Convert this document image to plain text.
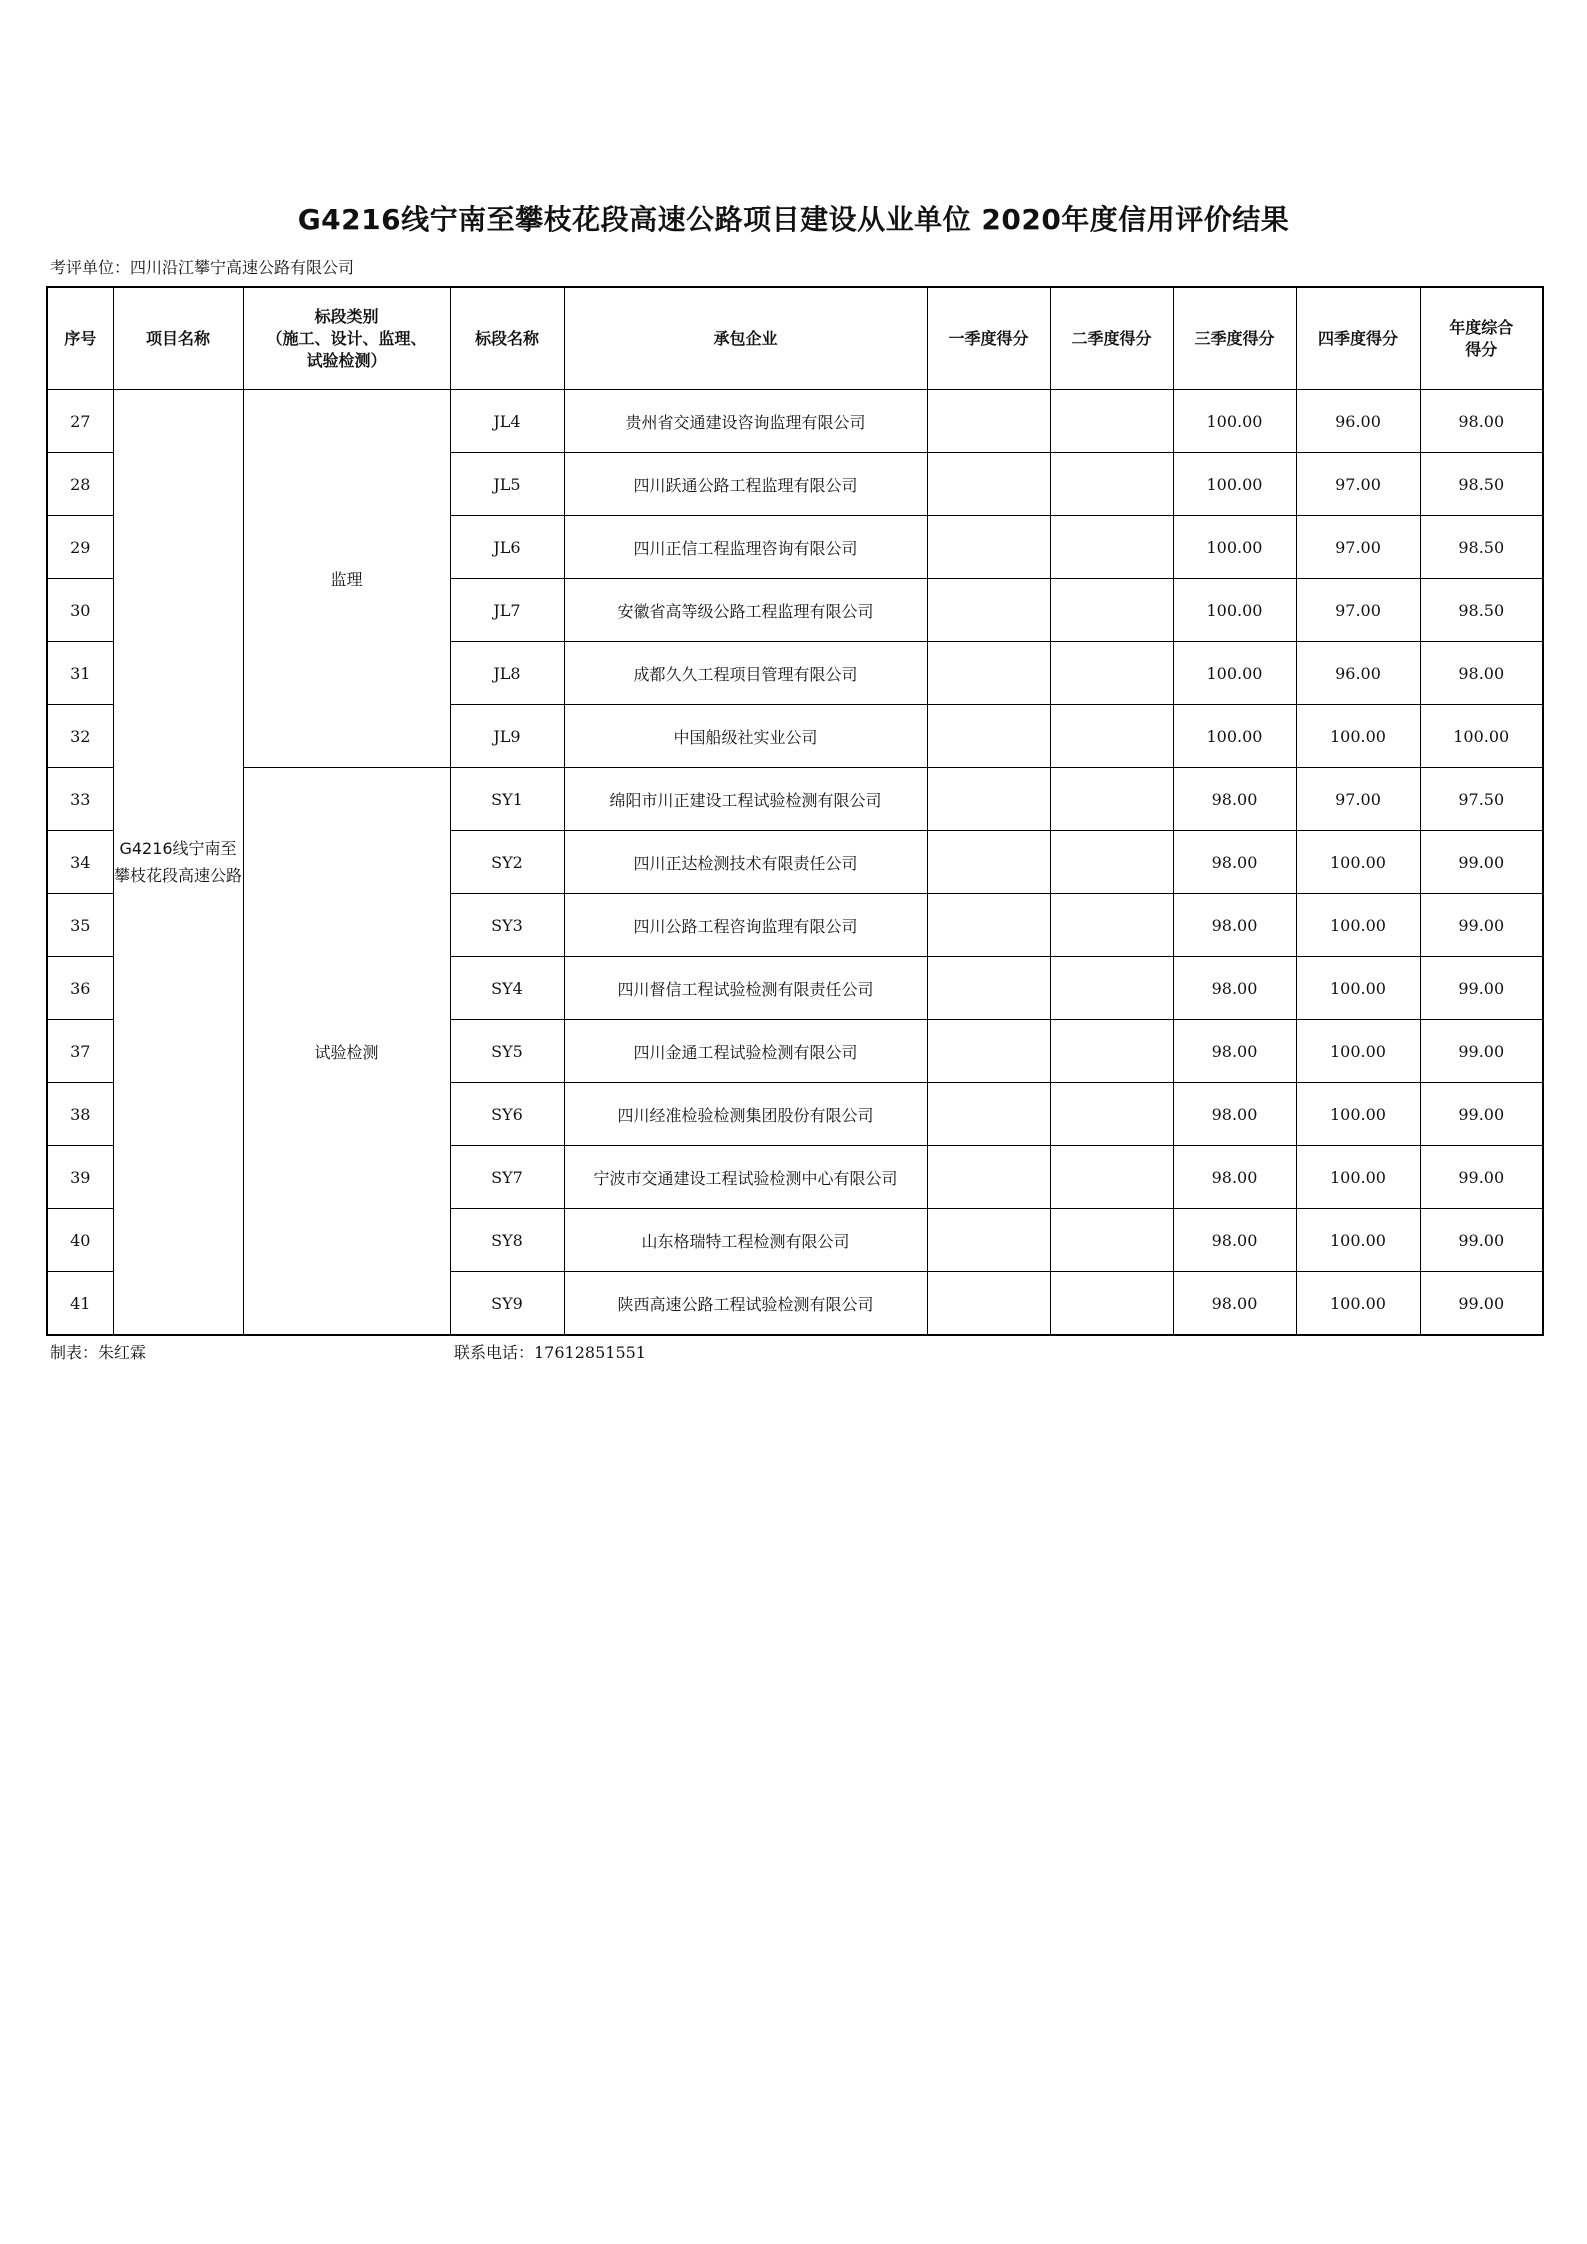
G4216线宁南至攀枝花段高速公路项目建设从业单位 2020年度信用评价结果
考评单位：四川沿江攀宁高速公路有限公司
序号	项目名称	标段类别
（施工、设计、监理、
试验检测）	标段名称	承包企业	一季度得分	二季度得分	三季度得分	四季度得分	年度综合
得分
27	G4216线宁南至攀枝花段高速公路	监理	JL4	贵州省交通建设咨询监理有限公司			100.00	96.00	98.00
28			JL5	四川跃通公路工程监理有限公司			100.00	97.00	98.50
29			JL6	四川正信工程监理咨询有限公司			100.00	97.00	98.50
30			JL7	安徽省高等级公路工程监理有限公司			100.00	97.00	98.50
31			JL8	成都久久工程项目管理有限公司			100.00	96.00	98.00
32			JL9	中国船级社实业公司			100.00	100.00	100.00
33		试验检测	SY1	绵阳市川正建设工程试验检测有限公司			98.00	97.00	97.50
34			SY2	四川正达检测技术有限责任公司			98.00	100.00	99.00
35			SY3	四川公路工程咨询监理有限公司			98.00	100.00	99.00
36			SY4	四川督信工程试验检测有限责任公司			98.00	100.00	99.00
37			SY5	四川金通工程试验检测有限公司			98.00	100.00	99.00
38			SY6	四川经准检验检测集团股份有限公司			98.00	100.00	99.00
39			SY7	宁波市交通建设工程试验检测中心有限公司			98.00	100.00	99.00
40			SY8	山东格瑞特工程检测有限公司			98.00	100.00	99.00
41			SY9	陕西高速公路工程试验检测有限公司			98.00	100.00	99.00
制表：朱红霖	联系电话：17612851551
